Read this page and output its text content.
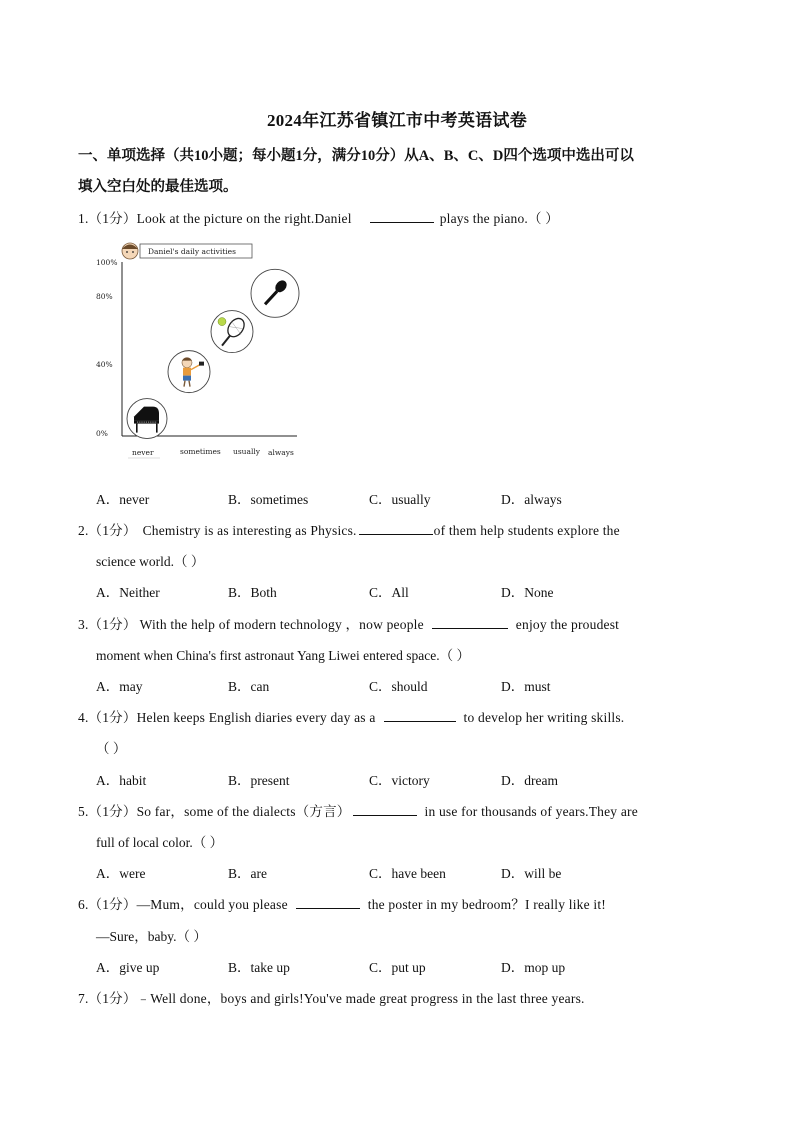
2024年江苏省镇江市中考英语试卷
一、单项选择（共10小题；每小题1分，满分10分）从A、B、C、D四个选项中选出可以
填入空白处的最佳选项。
1.（1分）Look at the picture on the right.Daniel	plays the piano.（ ）
Daniel's daily activities
100%
80%
40%
0%
never	sometimes usually always
A．never	B．sometimes	C．usually	D．always
2.（1分） Chemistry is as interesting as Physics.	of them help students explore the
science world.（ ）
A．Neither	B．Both	C．All	D．None
3.（1分） With the help of modern technology ，now people	enjoy the proudest
moment when China's first astronaut Yang Liwei entered space.（ ）
A．may	B．can	C．should	D．must
4.（1分）Helen keeps English diaries every day as a	to develop her writing skills.
（ ）
A．habit	B．present	C．victory	D．dream
5.（1分）So far，some of the dialects（方言）	in use for thousands of years.They are
full of local color.（ ）
A．were	B．are	C．have been	D．will be
6.（1分）—Mum，could you please	the poster in my bedroom？I really like it!
—Sure，baby.（ ）
A．give up	B．take up	C．put up	D．mop up
7.（1分）﹣Well done，boys and girls!You've made great progress in the last three years.
